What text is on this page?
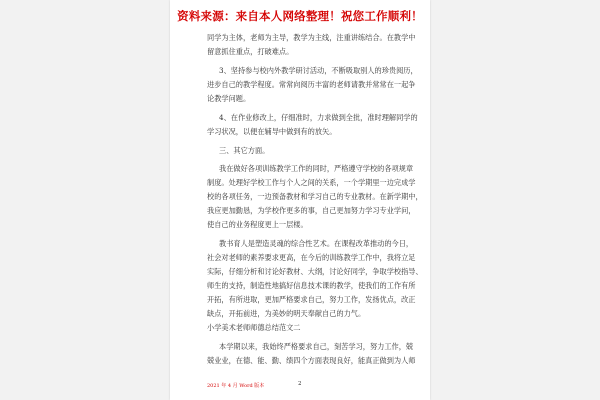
资料来源：来自本人网络整理！祝您工作顺利！
同学为主体，老师为主导，教学为主线，注重讲练结合。在教学中
留意抓住重点，打破难点。
3、坚持参与校内外教学研讨活动，不断吸取别人的珍贵阅历，
进步自己的教学程度。常常向阅历丰富的老师请教并常常在一起争
论教学问题。
4、在作业修改上，仔细准时，力求做到全批，准时理解同学的
学习状况，以便在辅导中做到有的放矢。
三、其它方面。
我在做好各项训练教学工作的同时，严格遵守学校的各项规章
制度。处理好学校工作与个人之间的关系，一个学期里一边完成学
校的各项任务，一边预备教材和学习自己的专业教材。在新学期中，
我应更加勤恳，为学校作更多的事，自己更加努力学习专业学问，
使自己的业务程度更上一层楼。
教书育人是塑造灵魂的综合性艺术。在课程改革推动的今日，
社会对老师的素养要求更高，在今后的训练教学工作中，我将立足
实际，仔细分析和讨论好教材、大纲，讨论好同学，争取学校指导、
师生的支持，制造性地搞好信息技术课的教学，使我们的工作有所
开拓，有所进取，更加严格要求自己，努力工作，发扬优点，改正
缺点，开拓前进，为美妙的明天奉献自己的力气。
小学美术老师师德总结范文二
本学期以来，我始终严格要求自己，刻苦学习，努力工作，兢
兢业业，在德、能、勤、绩四个方面表现良好，能真正做到为人师
2021 年 4 月 Word 版本	2
